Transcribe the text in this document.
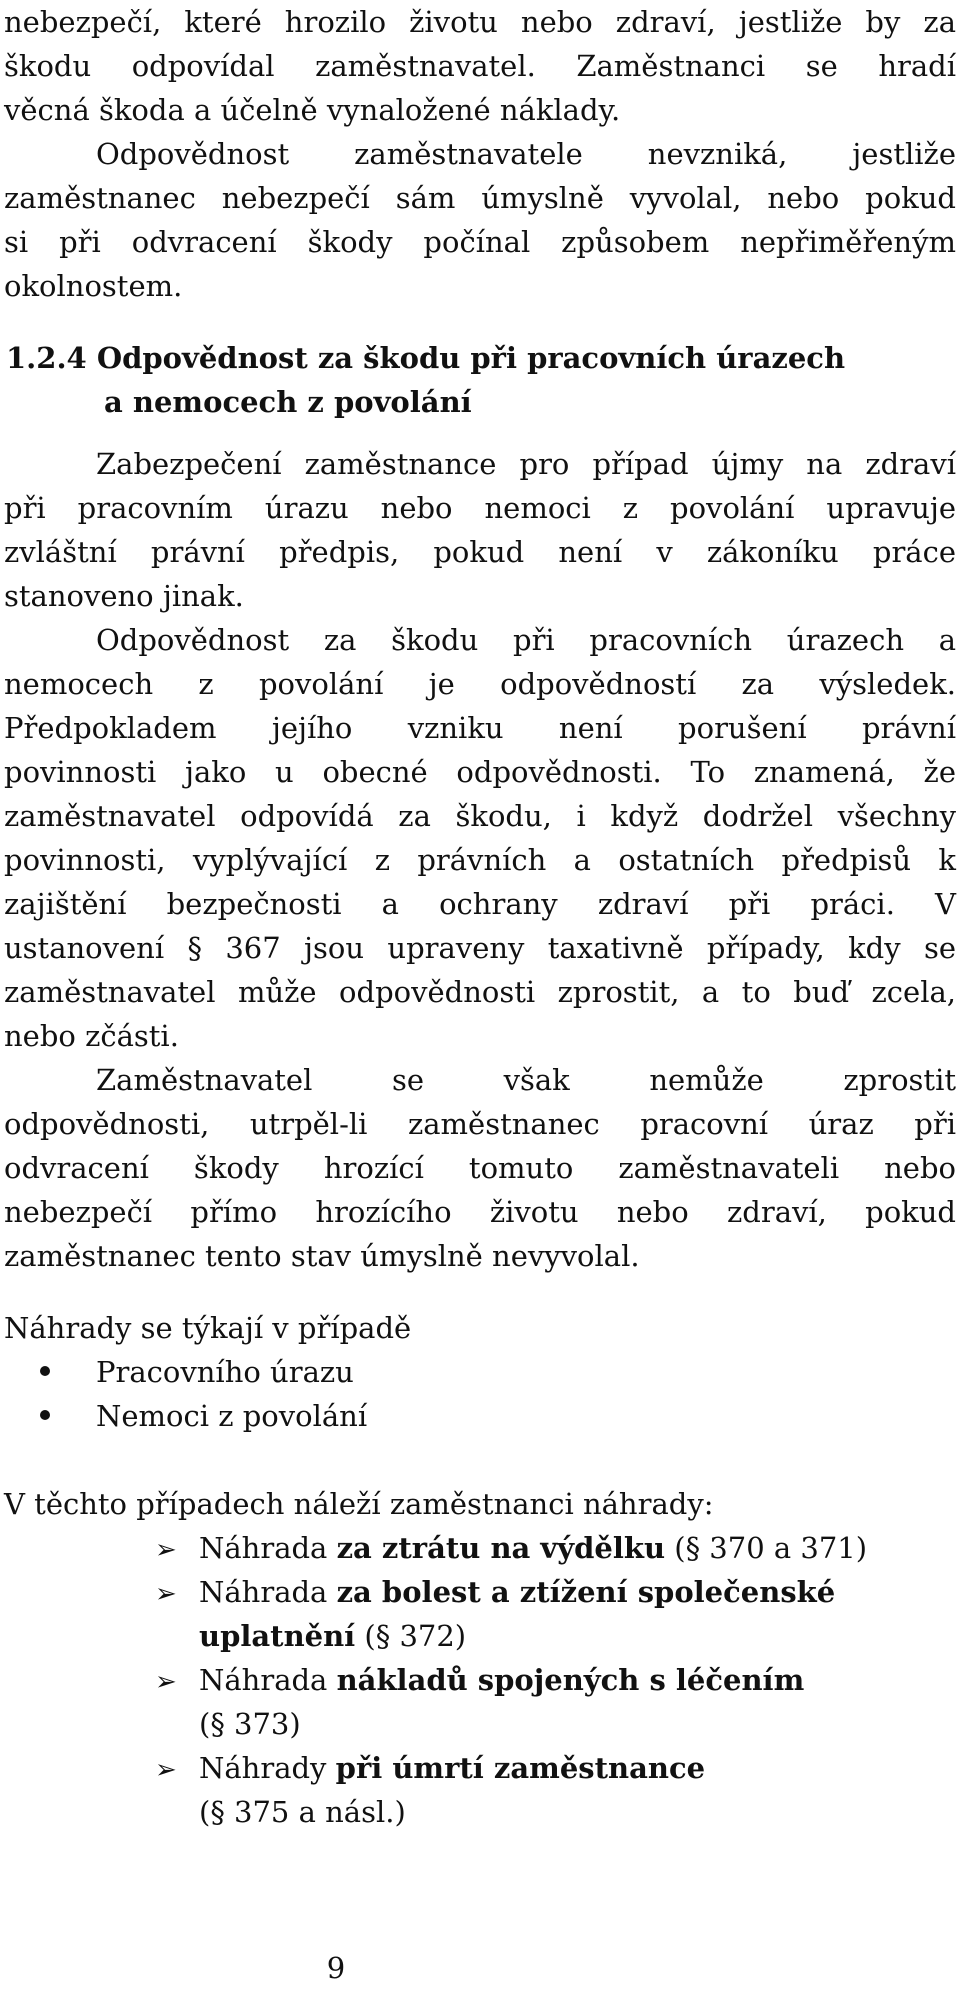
nebezpečí, které hrozilo životu nebo zdraví, jestliže by za
škodu odpovídal zaměstnavatel. Zaměstnanci se hradí
věcná škoda a účelně vynaložené náklady.
Odpovědnost zaměstnavatele nevzniká, jestliže
zaměstnanec nebezpečí sám úmyslně vyvolal, nebo pokud
si při odvracení škody počínal způsobem nepřiměřeným
okolnostem.
1.2.4 Odpovědnost za škodu při pracovních úrazech
a nemocech z povolání
Zabezpečení zaměstnance pro případ újmy na zdraví
při pracovním úrazu nebo nemoci z povolání upravuje
zvláštní právní předpis, pokud není v zákoníku práce
stanoveno jinak.
Odpovědnost za škodu při pracovních úrazech a
nemocech z povolání je odpovědností za výsledek.
Předpokladem jejího vzniku není porušení právní
povinnosti jako u obecné odpovědnosti. To znamená, že
zaměstnavatel odpovídá za škodu, i když dodržel všechny
povinnosti, vyplývající z právních a ostatních předpisů k
zajištění bezpečnosti a ochrany zdraví při práci. V
ustanovení § 367 jsou upraveny taxativně případy, kdy se
zaměstnavatel může odpovědnosti zprostit, a to buď zcela,
nebo zčásti.
Zaměstnavatel se však nemůže zprostit
odpovědnosti, utrpěl-li zaměstnanec pracovní úraz při
odvracení škody hrozící tomuto zaměstnavateli nebo
nebezpečí přímo hrozícího životu nebo zdraví, pokud
zaměstnanec tento stav úmyslně nevyvolal.
Náhrady se týkají v případě
Pracovního úrazu
Nemoci z povolání
V těchto případech náleží zaměstnanci náhrady:
➢ Náhrada za ztrátu na výdělku (§ 370 a 371)
➢ Náhrada za bolest a ztížení společenské
uplatnění (§ 372)
➢ Náhrada nákladů spojených s léčením
(§ 373)
➢ Náhrady při úmrtí zaměstnance
(§ 375 a násl.)
9
